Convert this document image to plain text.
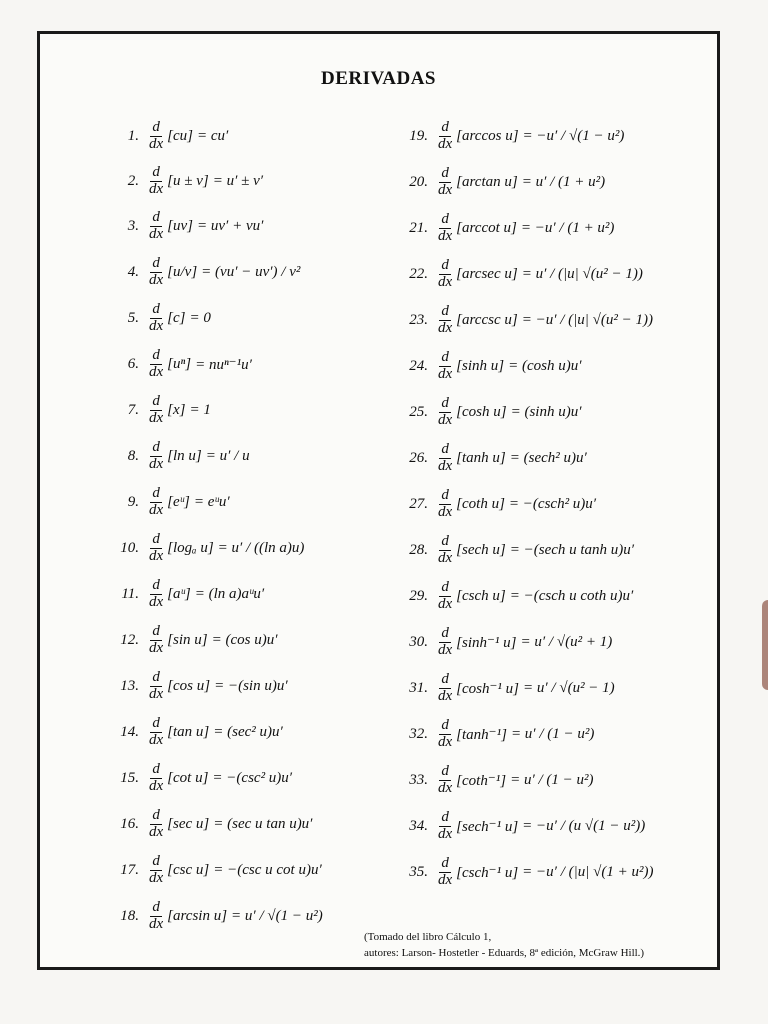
DERIVADAS
1. $\frac{d}{dx} [cu] = cu'$
2. $\frac{d}{dx} [u \pm v] = u' \pm v'$
3. $\frac{d}{dx} [uv] = uv' + vu'$
4. $\frac{d}{dx} [u/v] = (vu' - uv') / v^2$
5. $\frac{d}{dx} [c] = 0$
6. $\frac{d}{dx} [u^n] = nu^{n-1}u'$
7. $\frac{d}{dx} [x] = 1$
8. $\frac{d}{dx} [\ln$ u] = u′ / u
9. $\frac{d}{dx}$ [eᵘ] = eᵘu′
10. $\frac{d}{dx} [\log_a$ u] = u′ / ((ln a)u)
11. $\frac{d}{dx}$ [aᵘ] = (ln a)aᵘu′
12. $\frac{d}{dx} [\sin$ u] = (cos u)u′
13. $\frac{d}{dx} [\cos$ u] = −(sin u)u′
14. $\frac{d}{dx} [\tan$ u] = (sec² u)u′
15. $\frac{d}{dx} [\cot$ u] = −(csc² u)u′
16. $\frac{d}{dx} [\sec$ u] = (sec u tan u)u′
17. $\frac{d}{dx} [\csc$ u] = −(csc u cot u)u′
18. $\frac{d}{dx} [\arcsin$ u] = u′ / √(1 − u²)
19. $\frac{d}{dx} [\arccos$ u] = −u′ / √(1 − u²)
20. $\frac{d}{dx} [\arctan$ u] = u′ / (1 + u²)
21. $\frac{d}{dx} [arccot$ u] = −u′ / (1 + u²)
22. $\frac{d}{dx} [arcsec$ u] = u′ / (|u| √(u² − 1))
23. $\frac{d}{dx} [arccsc$ u] = −u′ / (|u| √(u² − 1))
24. $\frac{d}{dx} [\sinh$ u] = (cosh u)u′
25. $\frac{d}{dx} [\cosh$ u] = (sinh u)u′
26. $\frac{d}{dx} [\tanh$ u] = (sech² u)u′
27. $\frac{d}{dx} [\cot h$ u] = −(csch² u)u′
28. $\frac{d}{dx} [\sec h$ u] = −(sech u tanh u)u′
29. $\frac{d}{dx} [\csc h$ u] = −(csch u coth u)u′
30. $\frac{d}{dx} [\sinh^{-1}$ u] = u′ / √(u² + 1)
31. $\frac{d}{dx} [\cosh^{-1}$ u] = u′ / √(u² − 1)
32. $\frac{d}{dx} [\tanh^{-1}] = u' / (1 - u^2)$
33. $\frac{d}{dx} [\cot h^{-1}] = u' / (1 - u^2)$
34. $\frac{d}{dx} [\sec h^{-1}$ u] = −u′ / (u √(1 − u²))
35. $\frac{d}{dx} [\csc h^{-1}$ u] = −u′ / (|u| √(1 + u²))
(Tomado del libro Cálculo 1,
autores: Larson- Hostetler - Eduards, 8ª edición, McGraw Hill.)
